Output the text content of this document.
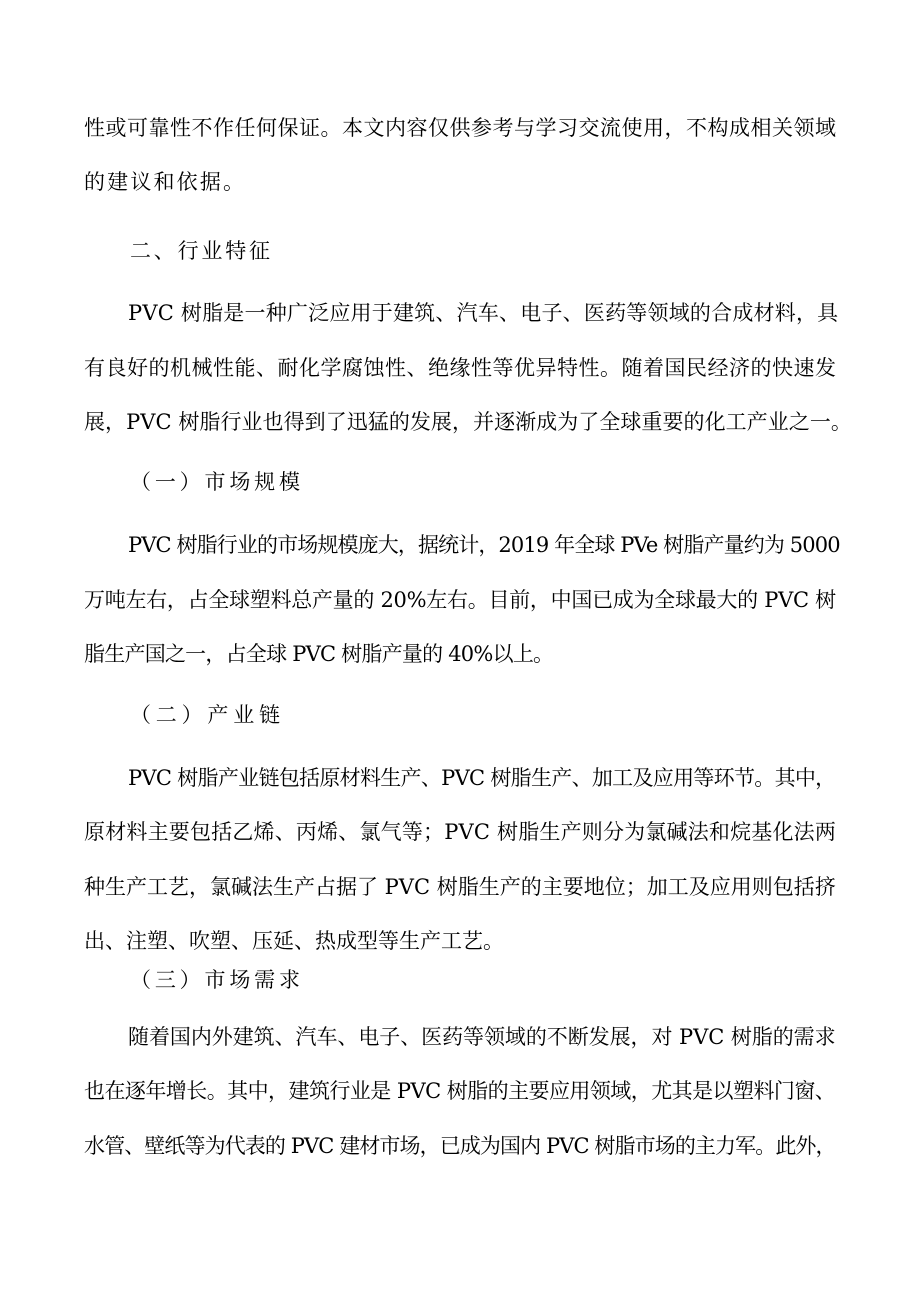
性或可靠性不作任何保证。本文内容仅供参考与学习交流使用，不构成相关领域
的建议和依据。
二、行业特征
PVC 树脂是一种广泛应用于建筑、汽车、电子、医药等领域的合成材料，具
有良好的机械性能、耐化学腐蚀性、绝缘性等优异特性。随着国民经济的快速发
展，PVC 树脂行业也得到了迅猛的发展，并逐渐成为了全球重要的化工产业之一。
（一）市场规模
PVC 树脂行业的市场规模庞大，据统计，2019 年全球 PVe 树脂产量约为 5000
万吨左右，占全球塑料总产量的 20%左右。目前，中国已成为全球最大的 PVC 树
脂生产国之一，占全球 PVC 树脂产量的 40%以上。
（二）产业链
PVC 树脂产业链包括原材料生产、PVC 树脂生产、加工及应用等环节。其中，
原材料主要包括乙烯、丙烯、氯气等；PVC 树脂生产则分为氯碱法和烷基化法两
种生产工艺，氯碱法生产占据了 PVC 树脂生产的主要地位；加工及应用则包括挤
出、注塑、吹塑、压延、热成型等生产工艺。
（三）市场需求
随着国内外建筑、汽车、电子、医药等领域的不断发展，对 PVC 树脂的需求
也在逐年增长。其中，建筑行业是 PVC 树脂的主要应用领域，尤其是以塑料门窗、
水管、壁纸等为代表的 PVC 建材市场，已成为国内 PVC 树脂市场的主力军。此外，
